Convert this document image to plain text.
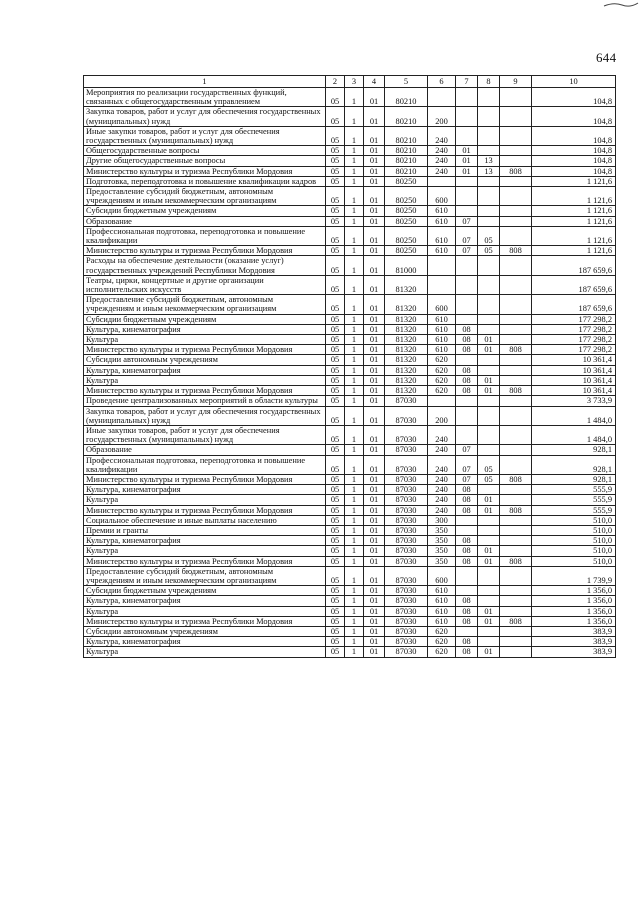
644
1	2	3	4	5	6	7	8	9	10
Мероприятия по реализации государственных функций, связанных с общегосударственным управлением	05	1	01	80210					104,8
Закупка товаров, работ и услуг для обеспечения государственных (муниципальных) нужд	05	1	01	80210	200				104,8
Иные закупки товаров, работ и услуг для обеспечения государственных (муниципальных) нужд	05	1	01	80210	240				104,8
Общегосударственные вопросы	05	1	01	80210	240	01			104,8
Другие общегосударственные вопросы	05	1	01	80210	240	01	13		104,8
Министерство культуры и туризма Республики Мордовия	05	1	01	80210	240	01	13	808	104,8
Подготовка, переподготовка и повышение квалификации кадров	05	1	01	80250					1 121,6
Предоставление субсидий бюджетным, автономным учреждениям и иным некоммерческим организациям	05	1	01	80250	600				1 121,6
Субсидии бюджетным учреждениям	05	1	01	80250	610				1 121,6
Образование	05	1	01	80250	610	07			1 121,6
Профессиональная подготовка, переподготовка и повышение квалификации	05	1	01	80250	610	07	05		1 121,6
Министерство культуры и туризма Республики Мордовия	05	1	01	80250	610	07	05	808	1 121,6
Расходы на обеспечение деятельности (оказание услуг) государственных учреждений Республики Мордовия	05	1	01	81000					187 659,6
Театры, цирки, концертные и другие организации исполнительских искусств	05	1	01	81320					187 659,6
Предоставление субсидий бюджетным, автономным учреждениям и иным некоммерческим организациям	05	1	01	81320	600				187 659,6
Субсидии бюджетным учреждениям	05	1	01	81320	610				177 298,2
Культура, кинематография	05	1	01	81320	610	08			177 298,2
Культура	05	1	01	81320	610	08	01		177 298,2
Министерство культуры и туризма Республики Мордовия	05	1	01	81320	610	08	01	808	177 298,2
Субсидии автономным учреждениям	05	1	01	81320	620				10 361,4
Культура, кинематография	05	1	01	81320	620	08			10 361,4
Культура	05	1	01	81320	620	08	01		10 361,4
Министерство культуры и туризма Республики Мордовия	05	1	01	81320	620	08	01	808	10 361,4
Проведение централизованных мероприятий в области культуры	05	1	01	87030					3 733,9
Закупка товаров, работ и услуг для обеспечения государственных (муниципальных) нужд	05	1	01	87030	200				1 484,0
Иные закупки товаров, работ и услуг для обеспечения государственных (муниципальных) нужд	05	1	01	87030	240				1 484,0
Образование	05	1	01	87030	240	07			928,1
Профессиональная подготовка, переподготовка и повышение квалификации	05	1	01	87030	240	07	05		928,1
Министерство культуры и туризма Республики Мордовия	05	1	01	87030	240	07	05	808	928,1
Культура, кинематография	05	1	01	87030	240	08			555,9
Культура	05	1	01	87030	240	08	01		555,9
Министерство культуры и туризма Республики Мордовия	05	1	01	87030	240	08	01	808	555,9
Социальное обеспечение и иные выплаты населению	05	1	01	87030	300				510,0
Премии и гранты	05	1	01	87030	350				510,0
Культура, кинематография	05	1	01	87030	350	08			510,0
Культура	05	1	01	87030	350	08	01		510,0
Министерство культуры и туризма Республики Мордовия	05	1	01	87030	350	08	01	808	510,0
Предоставление субсидий бюджетным, автономным учреждениям и иным некоммерческим организациям	05	1	01	87030	600				1 739,9
Субсидии бюджетным учреждениям	05	1	01	87030	610				1 356,0
Культура, кинематография	05	1	01	87030	610	08			1 356,0
Культура	05	1	01	87030	610	08	01		1 356,0
Министерство культуры и туризма Республики Мордовия	05	1	01	87030	610	08	01	808	1 356,0
Субсидии автономным учреждениям	05	1	01	87030	620				383,9
Культура, кинематография	05	1	01	87030	620	08			383,9
Культура	05	1	01	87030	620	08	01		383,9
